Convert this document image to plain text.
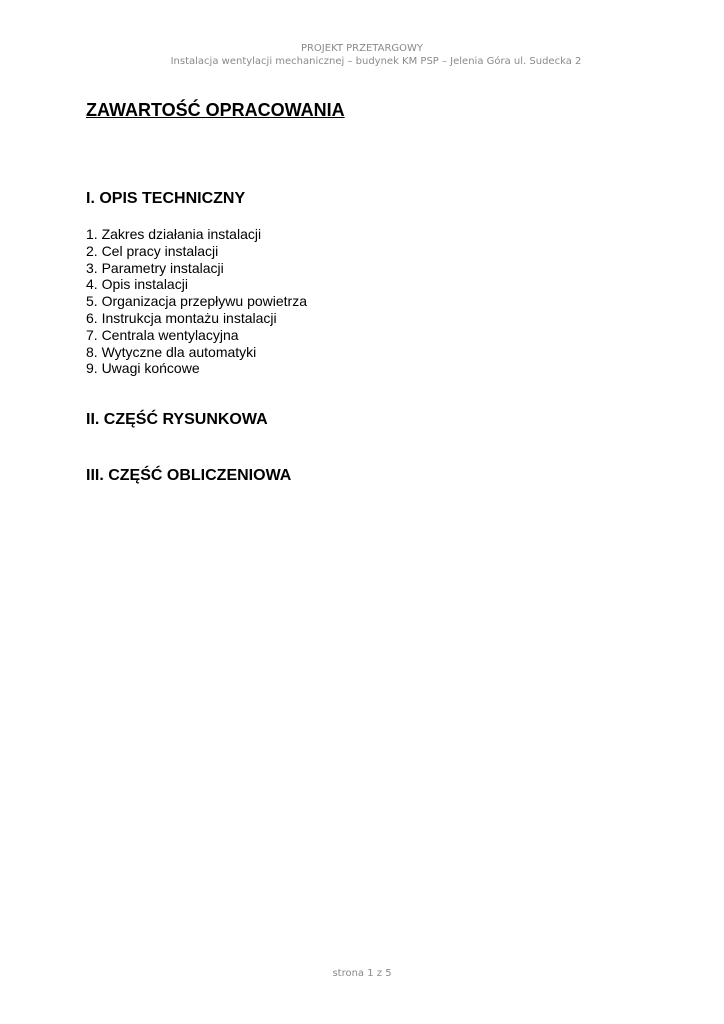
PROJEKT PRZETARGOWY
Instalacja wentylacji mechanicznej – budynek KM PSP – Jelenia Góra ul. Sudecka 2
ZAWARTOŚĆ OPRACOWANIA
I. OPIS TECHNICZNY
1. Zakres działania instalacji
2. Cel pracy instalacji
3. Parametry instalacji
4. Opis instalacji
5. Organizacja przepływu powietrza
6. Instrukcja montażu instalacji
7. Centrala wentylacyjna
8. Wytyczne dla automatyki
9. Uwagi końcowe
II. CZĘŚĆ RYSUNKOWA
III. CZĘŚĆ OBLICZENIOWA
strona 1 z 5
